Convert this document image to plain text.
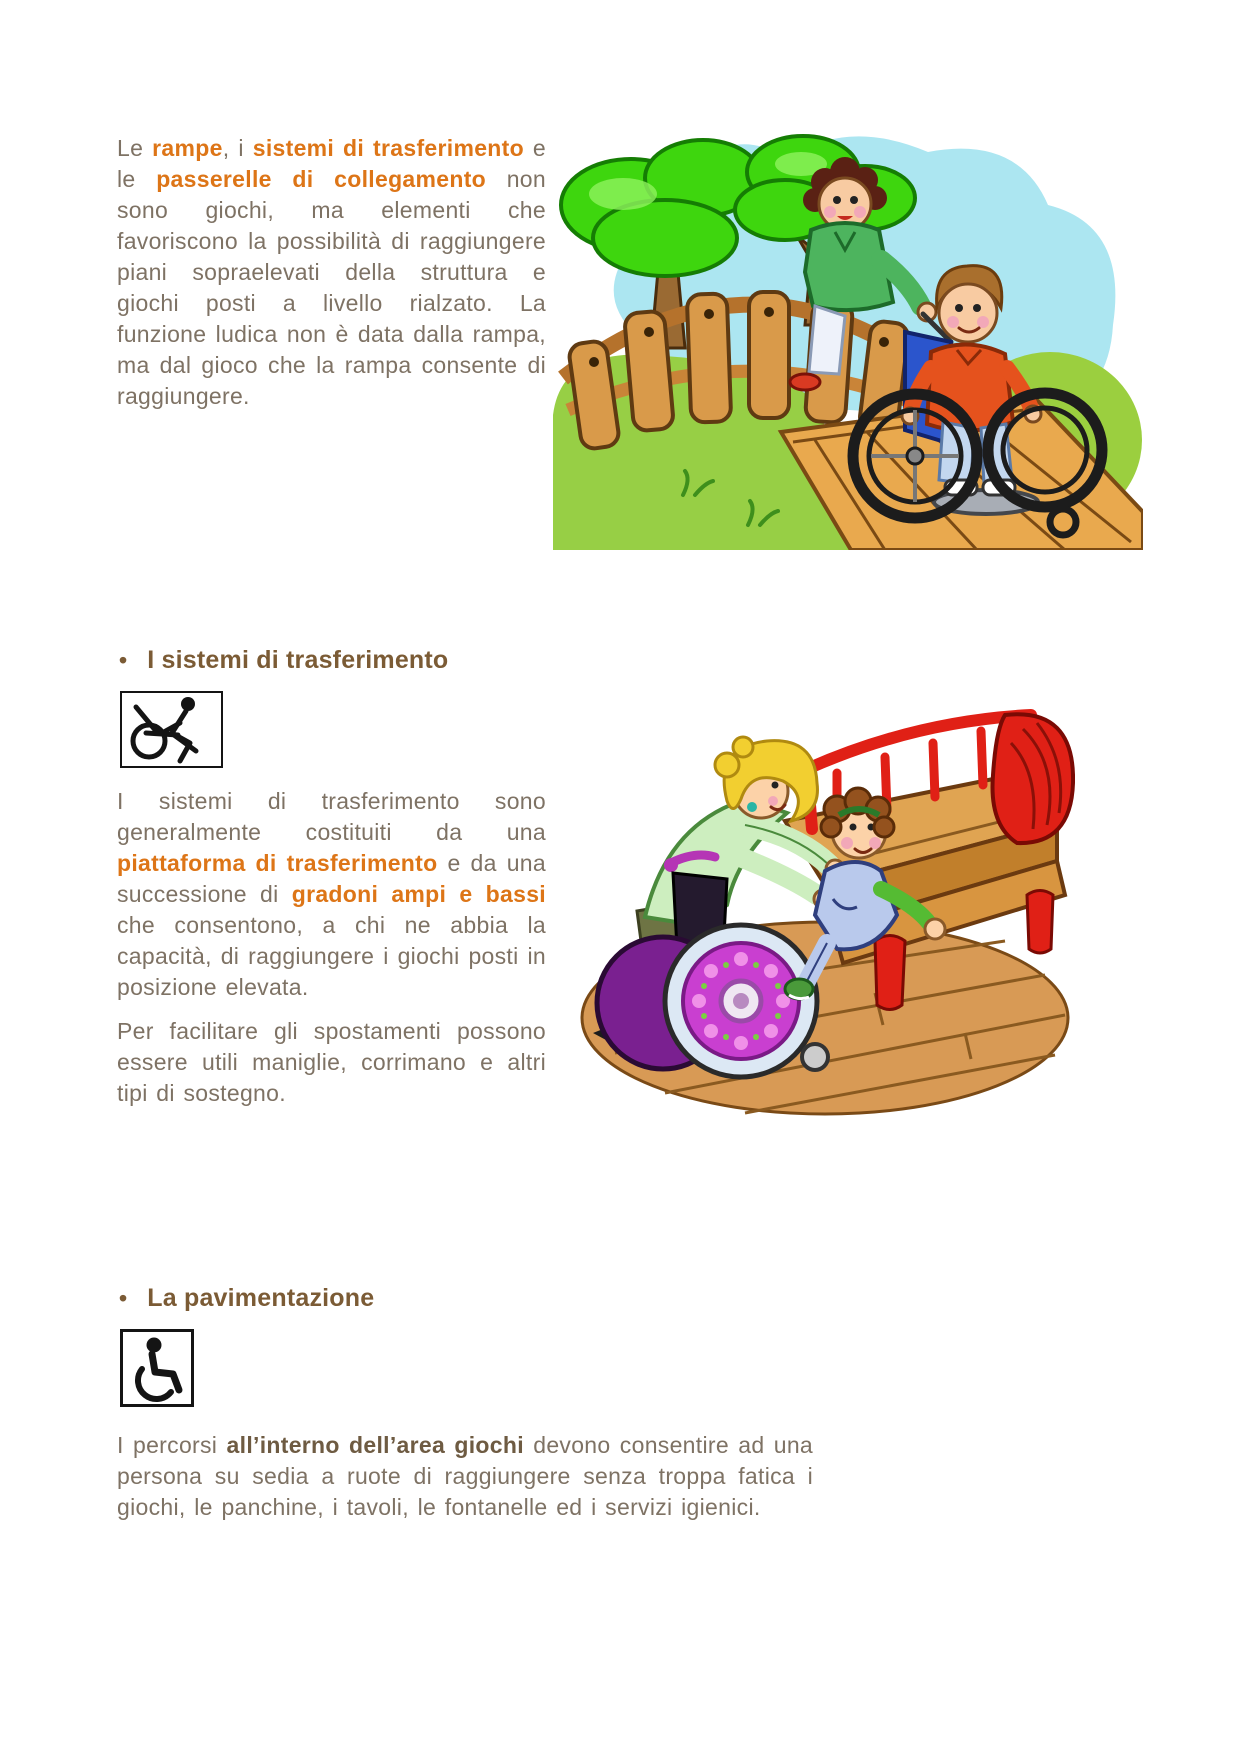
Le rampe, i sistemi di trasferimento e le passerelle di collegamento non sono giochi, ma elementi che favoriscono la possibilità di raggiungere piani sopraelevati della struttura e giochi posti a livello rialzato. La funzione ludica non è data dalla rampa, ma dal gioco che la rampa consente di raggiungere.

• I sistemi di trasferimento

I sistemi di trasferimento sono generalmente costituiti da una piattaforma di trasferimento e da una successione di gradoni ampi e bassi che consentono, a chi ne abbia la capacità, di raggiungere i giochi posti in posizione elevata.

Per facilitare gli spostamenti possono essere utili maniglie, corrimano e altri tipi di sostegno.

• La pavimentazione

I percorsi all’interno dell’area giochi devono consentire ad una persona su sedia a ruote di raggiungere senza troppa fatica i giochi, le panchine, i tavoli, le fontanelle ed i servizi igienici.
